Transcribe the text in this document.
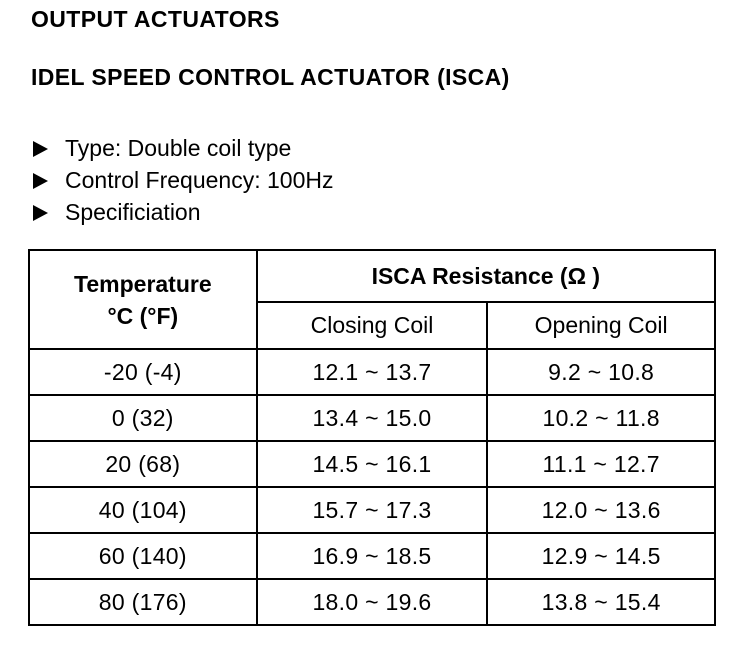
OUTPUT ACTUATORS
IDEL SPEED CONTROL ACTUATOR (ISCA)
Type: Double coil type
Control Frequency: 100Hz
Specificiation
Temperature
°C (°F)	ISCA Resistance (Ω )	
	Closing Coil	Opening Coil
-20 (-4)	12.1 ~ 13.7	9.2 ~ 10.8
0 (32)	13.4 ~ 15.0	10.2 ~ 11.8
20 (68)	14.5 ~ 16.1	11.1 ~ 12.7
40 (104)	15.7 ~ 17.3	12.0 ~ 13.6
60 (140)	16.9 ~ 18.5	12.9 ~ 14.5
80 (176)	18.0 ~ 19.6	13.8 ~ 15.4
